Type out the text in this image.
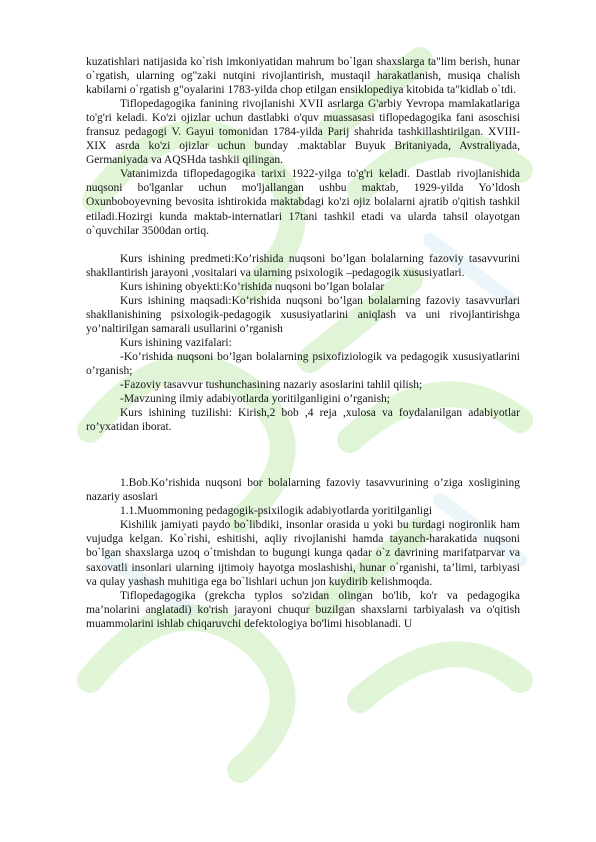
kuzatishlari natijasida ko`rish imkoniyatidan mahrum bo`lgan shaxslarga ta"lim berish, hunar o`rgatish, ularning og"zaki nutqini rivojlantirish, mustaqil harakatlanish, musiqa chalish kabilarni o`rgatish g"oyalarini 1783-yilda chop etilgan ensiklopediya kitobida ta"kidlab o`tdi.

Tiflopedagogika fanining rivojlanishi XVII asrlarga G'arbiy Yevropa mamlakatlariga to'g'ri keladi. Ko'zi ojizlar uchun dastlabki o'quv muassasasi tiflopedagogika fani asoschisi fransuz pedagogi V. Gayui tomonidan 1784-yilda Parij shahrida tashkillashtirilgan. XVIII-XIX asrda ko'zi ojizlar uchun bunday .maktablar Buyuk Britaniyada, Avstraliyada, Germaniyada va AQSHda tashkii qilingan.

Vatanimizda tiflopedagogika tarixi 1922-yilga to'g'ri keladi. Dastlab rivojlanishida nuqsoni bo'lganlar uchun mo'ljallangan ushbu maktab, 1929-yilda Yo’ldosh Oxunboboyevning bevosita ishtirokida maktabdagi ko'zi ojiz bolalarni ajratib o'qitish tashkil etiladi.Hozirgi kunda maktab-internatlari 17tani tashkil etadi va ularda tahsil olayotgan o`quvchilar 3500dan ortiq.

Kurs ishining predmeti:Ko’rishida nuqsoni bo’lgan bolalarning fazoviy tasavvurini shakllantirish jarayoni ,vositalari va ularning psixologik –pedagogik xususiyatlari.

Kurs ishining obyekti:Ko’rishida nuqsoni bo’lgan bolalar

Kurs ishining maqsadi:Ko’rishida nuqsoni bo’lgan bolalarning fazoviy tasavvurlari shakllanishining psixologik-pedagogik xususiyatlarini aniqlash va uni rivojlantirishga yo’naltirilgan samarali usullarini o’rganish

Kurs ishining vazifalari:

-Ko’rishida nuqsoni bo’lgan bolalarning psixofiziologik va pedagogik xususiyatlarini o’rganish;

-Fazoviy tasavvur tushunchasining nazariy asoslarini tahlil qilish;

-Mavzuning ilmiy adabiyotlarda yoritilganligini o’rganish;

Kurs ishining tuzilishi: Kirish,2 bob ,4 reja ,xulosa va foydalanilgan adabiyotlar ro’yxatidan iborat.

1.Bob.Ko’rishida nuqsoni bor bolalarning fazoviy tasavvurining o’ziga xosligining nazariy asoslari

1.1.Muommoning pedagogik-psixilogik adabiyotlarda yoritilganligi

Kishilik jamiyati paydo bo`libdiki, insonlar orasida u yoki bu turdagi nogironlik ham vujudga kelgan. Ko`rishi, eshitishi, aqliy rivojlanishi hamda tayanch-harakatida nuqsoni bo`lgan shaxslarga uzoq o`tmishdan to bugungi kunga qadar o`z davrining marifatparvar va saxovatli insonlari ularning ijtimoiy hayotga moslashishi, hunar o`rganishi, ta’limi, tarbiyasi va qulay yashash muhitiga ega bo`lishlari uchun jon kuydirib kelishmoqda.

Tiflopedagogika (grekcha typlos so'zidan olingan bo'lib, ko'r va pedagogika ma’nolarini anglatadi) ko'rish jarayoni chuqur buzilgan shaxslarni tarbiyalash va o'qitish muammolarini ishlab chiqaruvchi defektologiya bo'limi hisoblanadi. U
